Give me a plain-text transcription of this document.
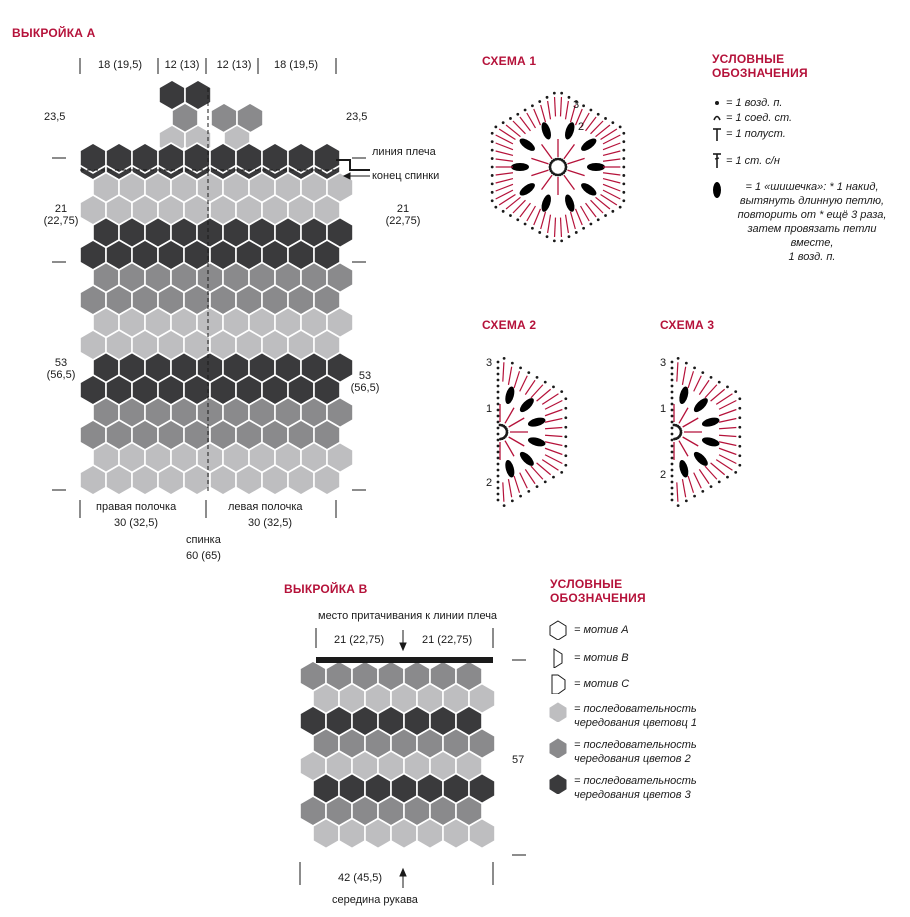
ВЫКРОЙКА А
18 (19,5)	12 (13)	12 (13)	18 (19,5)
23,5
21
(22,75)
53
(56,5)
23,5
21
(22,75)
53
(56,5)
линия плеча
конец спинки
правая полочка	левая полочка
30 (32,5)	30 (32,5)
спинка
60 (65)
СХЕМА 1
СХЕМА 2	СХЕМА 3
3
2
3
1
2
3
1
2
УСЛОВНЫЕ
ОБОЗНАЧЕНИЯ
= 1 возд. п.
= 1 соед. ст.
= 1 полуст.
= 1 ст. с/н
= 1 «шишечка»: * 1 накид,
вытянуть длинную петлю,
повторить от * ещё 3 раза,
затем провязать петли вместе,
1 возд. п.
ВЫКРОЙКА В
место притачивания к линии плеча
21 (22,75)	21 (22,75)
57
42 (45,5)
середина рукава
УСЛОВНЫЕ
ОБОЗНАЧЕНИЯ
= мотив А
= мотив B
= мотив С
= последовательность
чередования цветовц 1
= последовательность
чередования цветов 2
= последовательность
чередования цветов 3
